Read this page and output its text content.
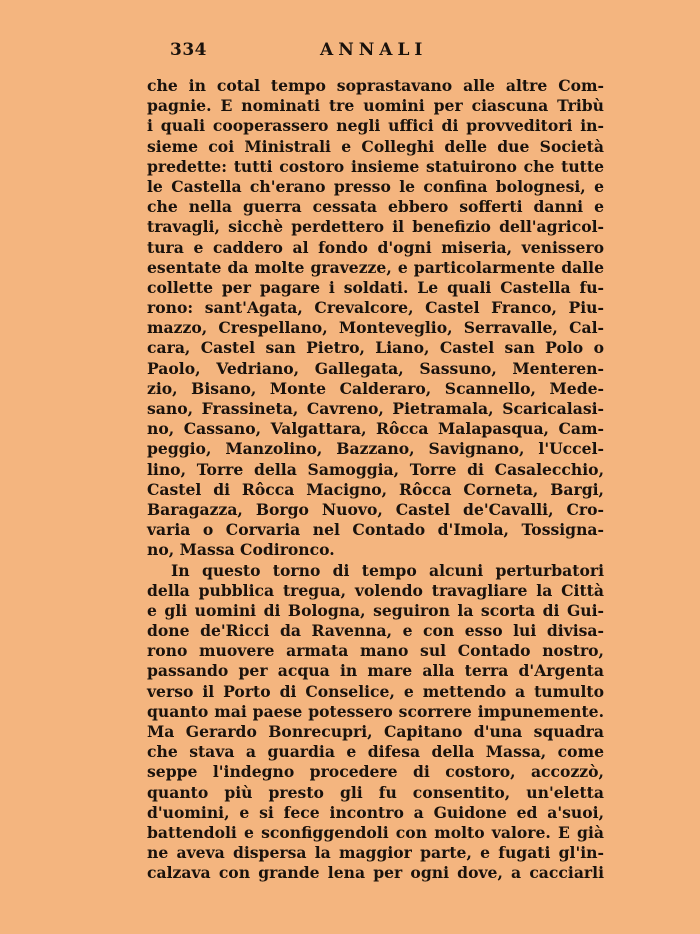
334	ANNALI
che in cotal tempo soprastavano alle altre Com-
pagnie. E nominati tre uomini per ciascuna Tribù
i quali cooperassero negli uffici di provveditori in-
sieme coi Ministrali e Colleghi delle due Società
predette: tutti costoro insieme statuirono che tutte
le Castella ch'erano presso le confina bolognesi, e
che nella guerra cessata ebbero sofferti danni e
travagli, sicchè perdettero il benefizio dell'agricol-
tura e caddero al fondo d'ogni miseria, venissero
esentate da molte gravezze, e particolarmente dalle
collette per pagare i soldati. Le quali Castella fu-
rono: sant'Agata, Crevalcore, Castel Franco, Piu-
mazzo, Crespellano, Monteveglio, Serravalle, Cal-
cara, Castel san Pietro, Liano, Castel san Polo o
Paolo, Vedriano, Gallegata, Sassuno, Menteren-
zio, Bisano, Monte Calderaro, Scannello, Mede-
sano, Frassineta, Cavreno, Pietramala, Scaricalasi-
no, Cassano, Valgattara, Rôcca Malapasqua, Cam-
peggio, Manzolino, Bazzano, Savignano, l'Uccel-
lino, Torre della Samoggia, Torre di Casalecchio,
Castel di Rôcca Macigno, Rôcca Corneta, Bargi,
Baragazza, Borgo Nuovo, Castel de'Cavalli, Cro-
varia o Corvaria nel Contado d'Imola, Tossigna-
no, Massa Codironco.
In questo torno di tempo alcuni perturbatori
della pubblica tregua, volendo travagliare la Città
e gli uomini di Bologna, seguiron la scorta di Gui-
done de'Ricci da Ravenna, e con esso lui divisa-
rono muovere armata mano sul Contado nostro,
passando per acqua in mare alla terra d'Argenta
verso il Porto di Conselice, e mettendo a tumulto
quanto mai paese potessero scorrere impunemente.
Ma Gerardo Bonrecupri, Capitano d'una squadra
che stava a guardia e difesa della Massa, come
seppe l'indegno procedere di costoro, accozzò,
quanto più presto gli fu consentito, un'eletta
d'uomini, e si fece incontro a Guidone ed a'suoi,
battendoli e sconfiggendoli con molto valore. E già
ne aveva dispersa la maggior parte, e fugati gl'in-
calzava con grande lena per ogni dove, a cacciarli
